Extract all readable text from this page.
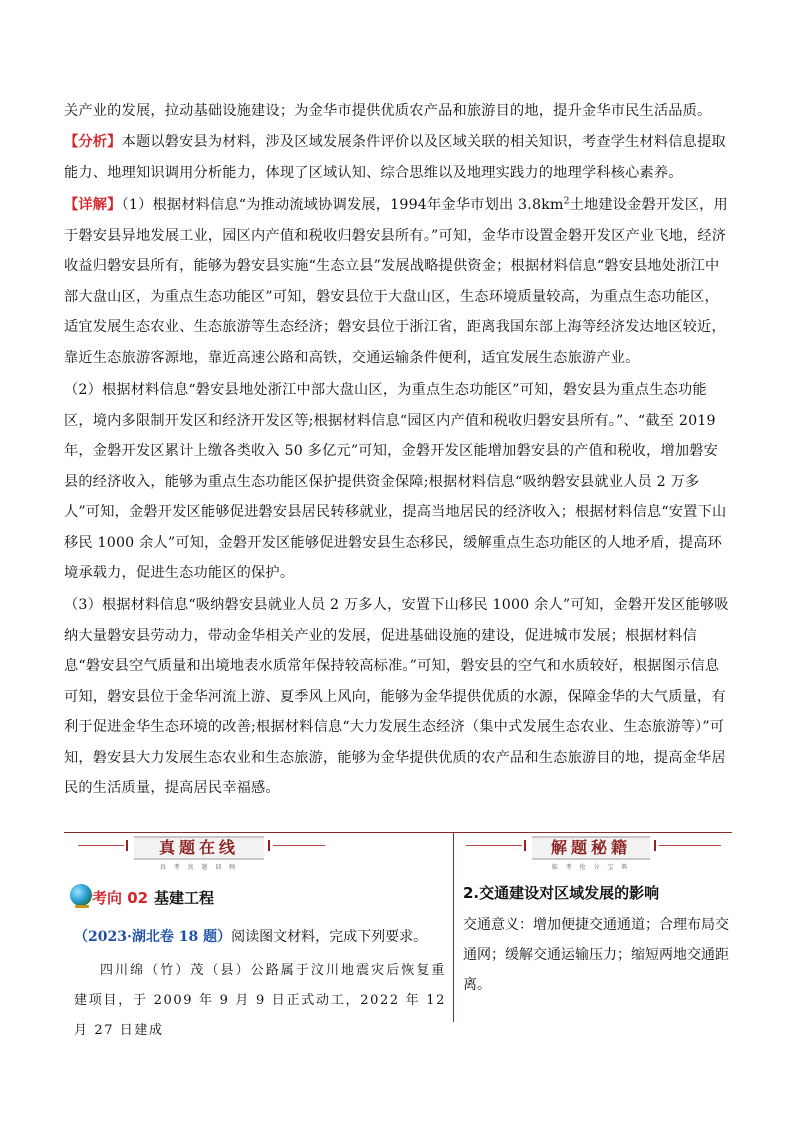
关产业的发展，拉动基础设施建设；为金华市提供优质农产品和旅游目的地，提升金华市民生活品质。

【分析】本题以磐安县为材料，涉及区域发展条件评价以及区域关联的相关知识，考查学生材料信息提取能力、地理知识调用分析能力，体现了区域认知、综合思维以及地理实践力的地理学科核心素养。

【详解】（1）根据材料信息“为推动流域协调发展，1994年金华市划出 $3.8km^2$土地建设金磐开发区，用于磐安县异地发展工业，园区内产值和税收归磐安县所有。”可知，金华市设置金磐开发区产业飞地，经济收益归磐安县所有，能够为磐安县实施“生态立县”发展战略提供资金；根据材料信息“磐安县地处浙江中部大盘山区，为重点生态功能区”可知，磐安县位于大盘山区，生态环境质量较高，为重点生态功能区，适宜发展生态农业、生态旅游等生态经济；磐安县位于浙江省，距离我国东部上海等经济发达地区较近，靠近生态旅游客源地，靠近高速公路和高铁，交通运输条件便利，适宜发展生态旅游产业。

（2）根据材料信息“磐安县地处浙江中部大盘山区，为重点生态功能区”可知，磐安县为重点生态功能区，境内多限制开发区和经济开发区等;根据材料信息“园区内产值和税收归磐安县所有。”、“截至 2019 年，金磐开发区累计上缴各类收入 50 多亿元”可知，金磐开发区能增加磐安县的产值和税收，增加磐安县的经济收入，能够为重点生态功能区保护提供资金保障;根据材料信息“吸纳磐安县就业人员 2 万多人”可知，金磐开发区能够促进磐安县居民转移就业，提高当地居民的经济收入；根据材料信息“安置下山移民 1000 余人”可知，金磐开发区能够促进磐安县生态移民，缓解重点生态功能区的人地矛盾，提高环境承载力，促进生态功能区的保护。

（3）根据材料信息“吸纳磐安县就业人员 2 万多人，安置下山移民 1000 余人”可知，金磐开发区能够吸纳大量磐安县劳动力，带动金华相关产业的发展，促进基础设施的建设，促进城市发展；根据材料信息“磐安县空气质量和出境地表水质常年保持较高标准。”可知，磐安县的空气和水质较好，根据图示信息可知，磐安县位于金华河流上游、夏季风上风向，能够为金华提供优质的水源，保障金华的大气质量，有利于促进金华生态环境的改善;根据材料信息“大力发展生态经济（集中式发展生态农业、生态旅游等）”可知，磐安县大力发展生态农业和生态旅游，能够为金华提供优质的农产品和生态旅游目的地，提高金华居民的生活质量，提高居民幸福感。

真题在线
真 考 真 题 回 顾
解题秘籍
临 考 抢 分 宝 典
考向 02 基建工程
（2023·湖北卷 18 题）阅读图文材料，完成下列要求。

四川绵（竹）茂（县）公路属于汶川地震灾后恢复重建项目，于 2009 年 9 月 9 日正式动工，2022 年 12 月 27 日建成

2.交通建设对区域发展的影响

交通意义：增加便捷交通通道；合理布局交通网；缓解交通运输压力；缩短两地交通距离。
